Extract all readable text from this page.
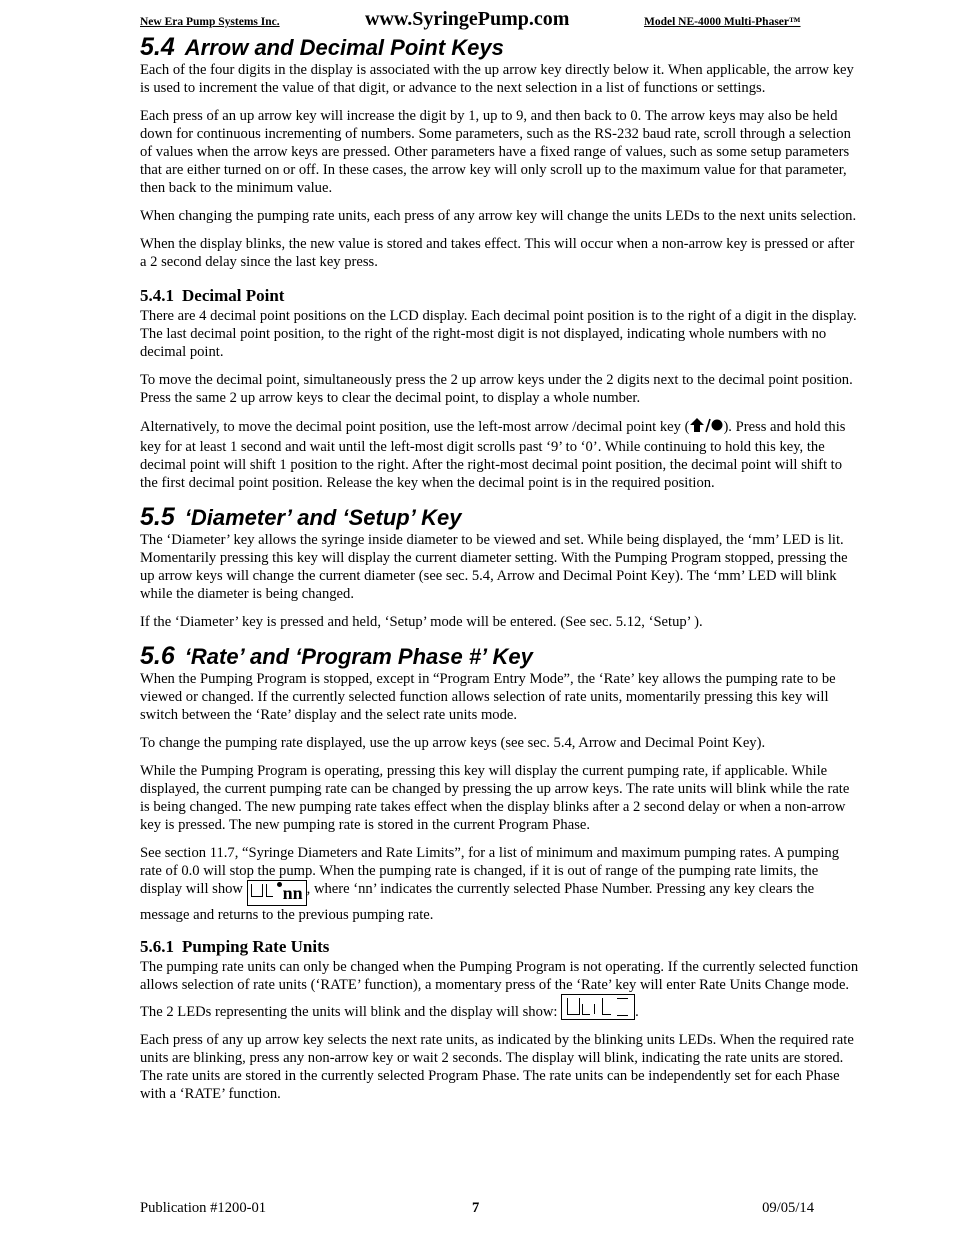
New Era Pump Systems Inc.	www.SyringePump.com	Model NE-4000 Multi-Phaser™
5.4 Arrow and Decimal Point Keys

Each of the four digits in the display is associated with the up arrow key directly below it. When applicable, the arrow key is used to increment the value of that digit, or advance to the next selection in a list of functions or settings.

Each press of an up arrow key will increase the digit by 1, up to 9, and then back to 0. The arrow keys may also be held down for continuous incrementing of numbers. Some parameters, such as the RS-232 baud rate, scroll through a selection of values when the arrow keys are pressed. Other parameters have a fixed range of values, such as some setup parameters that are either turned on or off. In these cases, the arrow key will only scroll up to the maximum value for that parameter, then back to the minimum value.

When changing the pumping rate units, each press of any arrow key will change the units LEDs to the next units selection.

When the display blinks, the new value is stored and takes effect. This will occur when a non-arrow key is pressed or after a 2 second delay since the last key press.

5.4.1 Decimal Point

There are 4 decimal point positions on the LCD display. Each decimal point position is to the right of a digit in the display. The last decimal point position, to the right of the right-most digit is not displayed, indicating whole numbers with no decimal point.

To move the decimal point, simultaneously press the 2 up arrow keys under the 2 digits next to the decimal point position. Press the same 2 up arrow keys to clear the decimal point, to display a whole number.

Alternatively, to move the decimal point position, use the left-most arrow /decimal point key ( ). Press and hold this key for at least 1 second and wait until the left-most digit scrolls past ‘9’ to ‘0’. While continuing to hold this key, the decimal point will shift 1 position to the right. After the right-most decimal point position, the decimal point will shift to the first decimal point position. Release the key when the decimal point is in the required position.

5.5 ‘Diameter’ and ‘Setup’ Key

The ‘Diameter’ key allows the syringe inside diameter to be viewed and set. While being displayed, the ‘mm’ LED is lit. Momentarily pressing this key will display the current diameter setting. With the Pumping Program stopped, pressing the up arrow keys will change the current diameter (see sec. 5.4, Arrow and Decimal Point Key). The ‘mm’ LED will blink while the diameter is being changed.

If the ‘Diameter’ key is pressed and held, ‘Setup’ mode will be entered. (See sec. 5.12, ‘Setup’ ).

5.6 ‘Rate’ and ‘Program Phase #’ Key

When the Pumping Program is stopped, except in “Program Entry Mode”, the ‘Rate’ key allows the pumping rate to be viewed or changed. If the currently selected function allows selection of rate units, momentarily pressing this key will switch between the ‘Rate’ display and the select rate units mode.

To change the pumping rate displayed, use the up arrow keys (see sec. 5.4, Arrow and Decimal Point Key).

While the Pumping Program is operating, pressing this key will display the current pumping rate, if applicable. While displayed, the current pumping rate can be changed by pressing the up arrow keys. The rate units will blink while the rate is being changed. The new pumping rate takes effect when the display blinks after a 2 second delay or when a non-arrow key is pressed. The new pumping rate is stored in the current Program Phase.

See section 11.7, “Syringe Diameters and Rate Limits”, for a list of minimum and maximum pumping rates. A pumping rate of 0.0 will stop the pump. When the pumping rate is changed, if it is out of range of the pumping rate limits, the display will show nn , where ‘nn’ indicates the currently selected Phase Number. Pressing any key clears the message and returns to the previous pumping rate.

5.6.1 Pumping Rate Units

The pumping rate units can only be changed when the Pumping Program is not operating. If the currently selected function allows selection of rate units (‘RATE’ function), a momentary press of the ‘Rate’ key will enter Rate Units Change mode. The 2 LEDs representing the units will blink and the display will show:	.

Each press of any up arrow key selects the next rate units, as indicated by the blinking units LEDs. When the required rate units are blinking, press any non-arrow key or wait 2 seconds. The display will blink, indicating the rate units are stored. The rate units are stored in the currently selected Program Phase. The rate units can be independently set for each Phase with a ‘RATE’ function.

Publication #1200-01	7	09/05/14
